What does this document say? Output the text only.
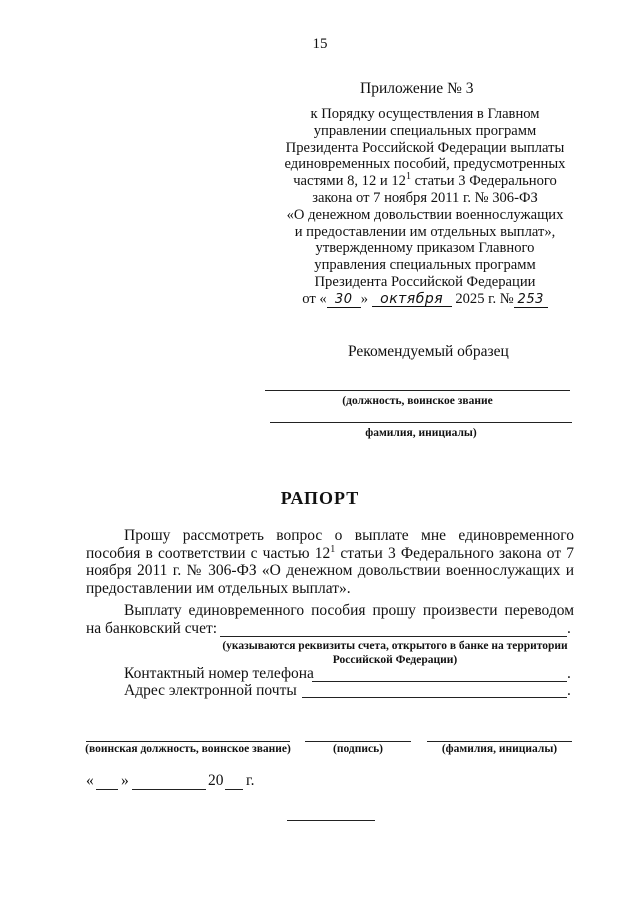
15
Приложение № 3
к Порядку осуществления в Главном
управлении специальных программ
Президента Российской Федерации выплаты
единовременных пособий, предусмотренных
частями 8, 12 и $12^1$ статьи 3 Федерального
закона от 7 ноября 2011 г. № 306-ФЗ
«О денежном довольствии военнослужащих
и предоставлении им отдельных выплат»,
утвержденному приказом Главного
управления специальных программ
Президента Российской Федерации
от « 30 » октября 2025 г. № 253
Рекомендуемый образец
(должность, воинское звание
фамилия, инициалы)
РАПОРТ
Прошу рассмотреть вопрос о выплате мне единовременного пособия в соответствии с частью $12^1$ статьи 3 Федерального закона от 7 ноября 2011 г. № 306-ФЗ «О денежном довольствии военнослужащих и предоставлении им отдельных выплат».
Выплату единовременного пособия прошу произвести переводом
на банковский счет:	.
(указываются реквизиты счета, открытого в банке на территории
Российской Федерации)
Контактный номер телефона	.
Адрес электронной почты	.
(воинская должность, воинское звание)	(подпись)	(фамилия, инициалы)
« »	20 г.
